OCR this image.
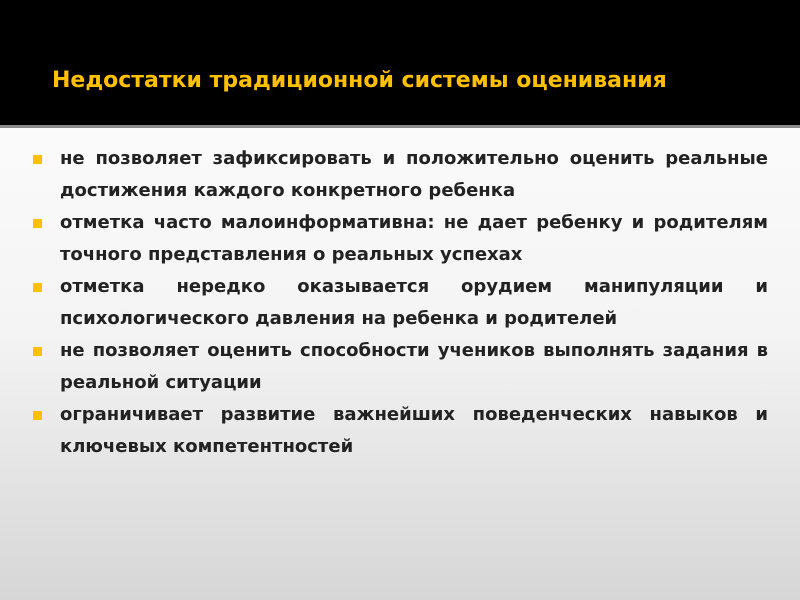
Недостатки традиционной системы оценивания
не позволяет зафиксировать и положительно оценить реальные достижения каждого конкретного ребенка
отметка часто малоинформативна: не дает ребенку и родителям точного представления о реальных успехах
отметка нередко оказывается орудием манипуляции и психологического давления на ребенка и родителей
не позволяет оценить способности учеников выполнять задания в реальной ситуации
ограничивает развитие важнейших поведенческих навыков и ключевых компетентностей
